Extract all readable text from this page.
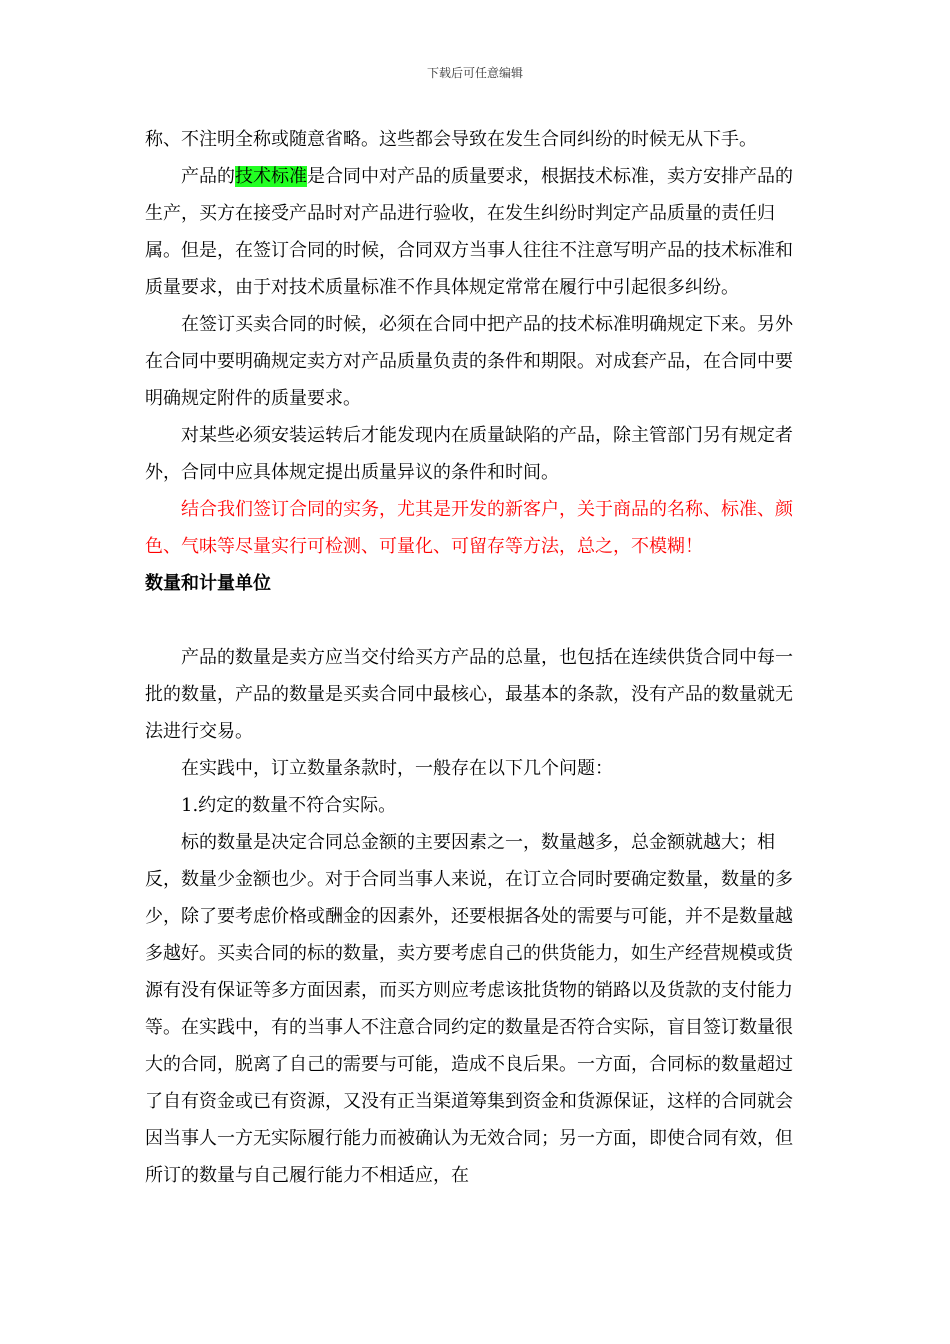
下载后可任意编辑

称、不注明全称或随意省略。这些都会导致在发生合同纠纷的时候无从下手。

产品的技术标准是合同中对产品的质量要求，根据技术标准，卖方安排产品的生产，买方在接受产品时对产品进行验收，在发生纠纷时判定产品质量的责任归属。但是，在签订合同的时候，合同双方当事人往往不注意写明产品的技术标准和质量要求，由于对技术质量标准不作具体规定常常在履行中引起很多纠纷。

在签订买卖合同的时候，必须在合同中把产品的技术标准明确规定下来。另外在合同中要明确规定卖方对产品质量负责的条件和期限。对成套产品，在合同中要明确规定附件的质量要求。

对某些必须安装运转后才能发现内在质量缺陷的产品，除主管部门另有规定者外，合同中应具体规定提出质量异议的条件和时间。

结合我们签订合同的实务，尤其是开发的新客户，关于商品的名称、标准、颜色、气味等尽量实行可检测、可量化、可留存等方法，总之，不模糊！

数量和计量单位

产品的数量是卖方应当交付给买方产品的总量，也包括在连续供货合同中每一批的数量，产品的数量是买卖合同中最核心，最基本的条款，没有产品的数量就无法进行交易。

在实践中，订立数量条款时，一般存在以下几个问题：

1.约定的数量不符合实际。

标的数量是决定合同总金额的主要因素之一，数量越多，总金额就越大；相反，数量少金额也少。对于合同当事人来说，在订立合同时要确定数量，数量的多少，除了要考虑价格或酬金的因素外，还要根据各处的需要与可能，并不是数量越多越好。买卖合同的标的数量，卖方要考虑自己的供货能力，如生产经营规模或货源有没有保证等多方面因素，而买方则应考虑该批货物的销路以及货款的支付能力等。在实践中，有的当事人不注意合同约定的数量是否符合实际，盲目签订数量很大的合同，脱离了自己的需要与可能，造成不良后果。一方面，合同标的数量超过了自有资金或已有资源，又没有正当渠道筹集到资金和货源保证，这样的合同就会因当事人一方无实际履行能力而被确认为无效合同；另一方面，即使合同有效，但所订的数量与自己履行能力不相适应，在
